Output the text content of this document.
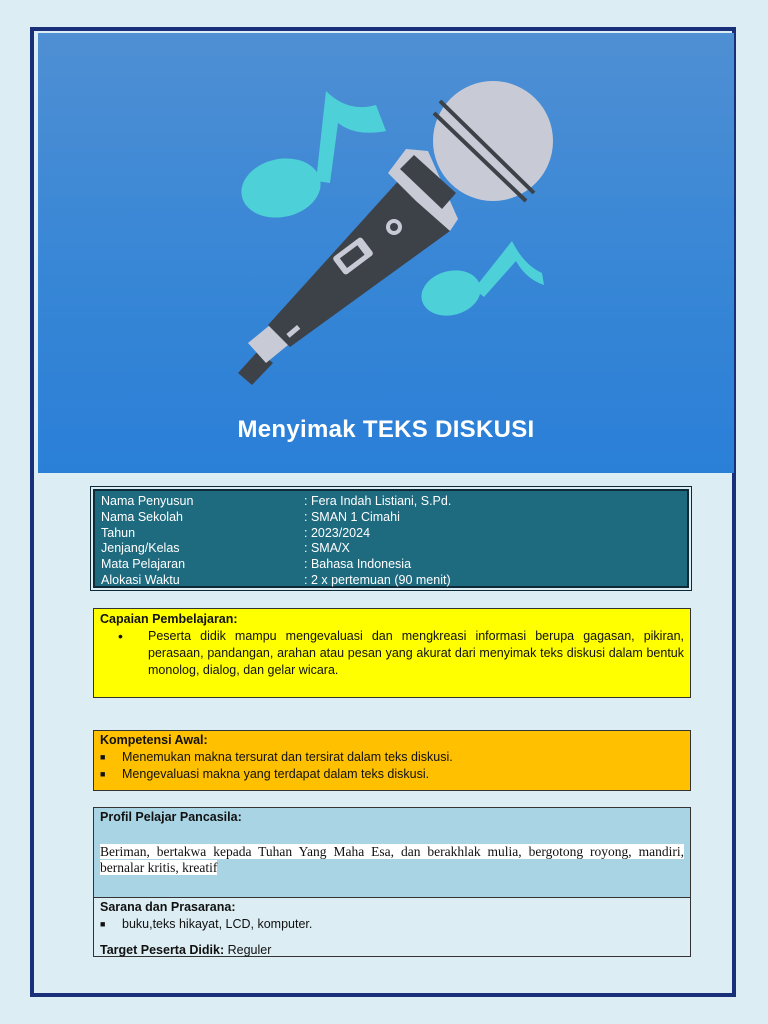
Menyimak TEKS DISKUSI
Nama Penyusun	: Fera Indah Listiani, S.Pd.
Nama Sekolah	: SMAN 1 Cimahi
Tahun	: 2023/2024
Jenjang/Kelas	: SMA/X
Mata Pelajaran	: Bahasa Indonesia
Alokasi Waktu	: 2 x pertemuan (90 menit)
Capaian Pembelajaran:
•	Peserta didik mampu mengevaluasi dan mengkreasi informasi berupa gagasan, pikiran, perasaan, pandangan, arahan atau pesan yang akurat dari menyimak teks diskusi dalam bentuk monolog, dialog, dan gelar wicara.
Kompetensi Awal:
■	Menemukan makna tersurat dan tersirat dalam teks diskusi.
■	Mengevaluasi makna yang terdapat dalam teks diskusi.
Profil Pelajar Pancasila:
Beriman, bertakwa kepada Tuhan Yang Maha Esa, dan berakhlak mulia, bergotong royong, mandiri, bernalar kritis, kreatif
Sarana dan Prasarana:
■	buku,teks hikayat, LCD, komputer.
Target Peserta Didik: Reguler
